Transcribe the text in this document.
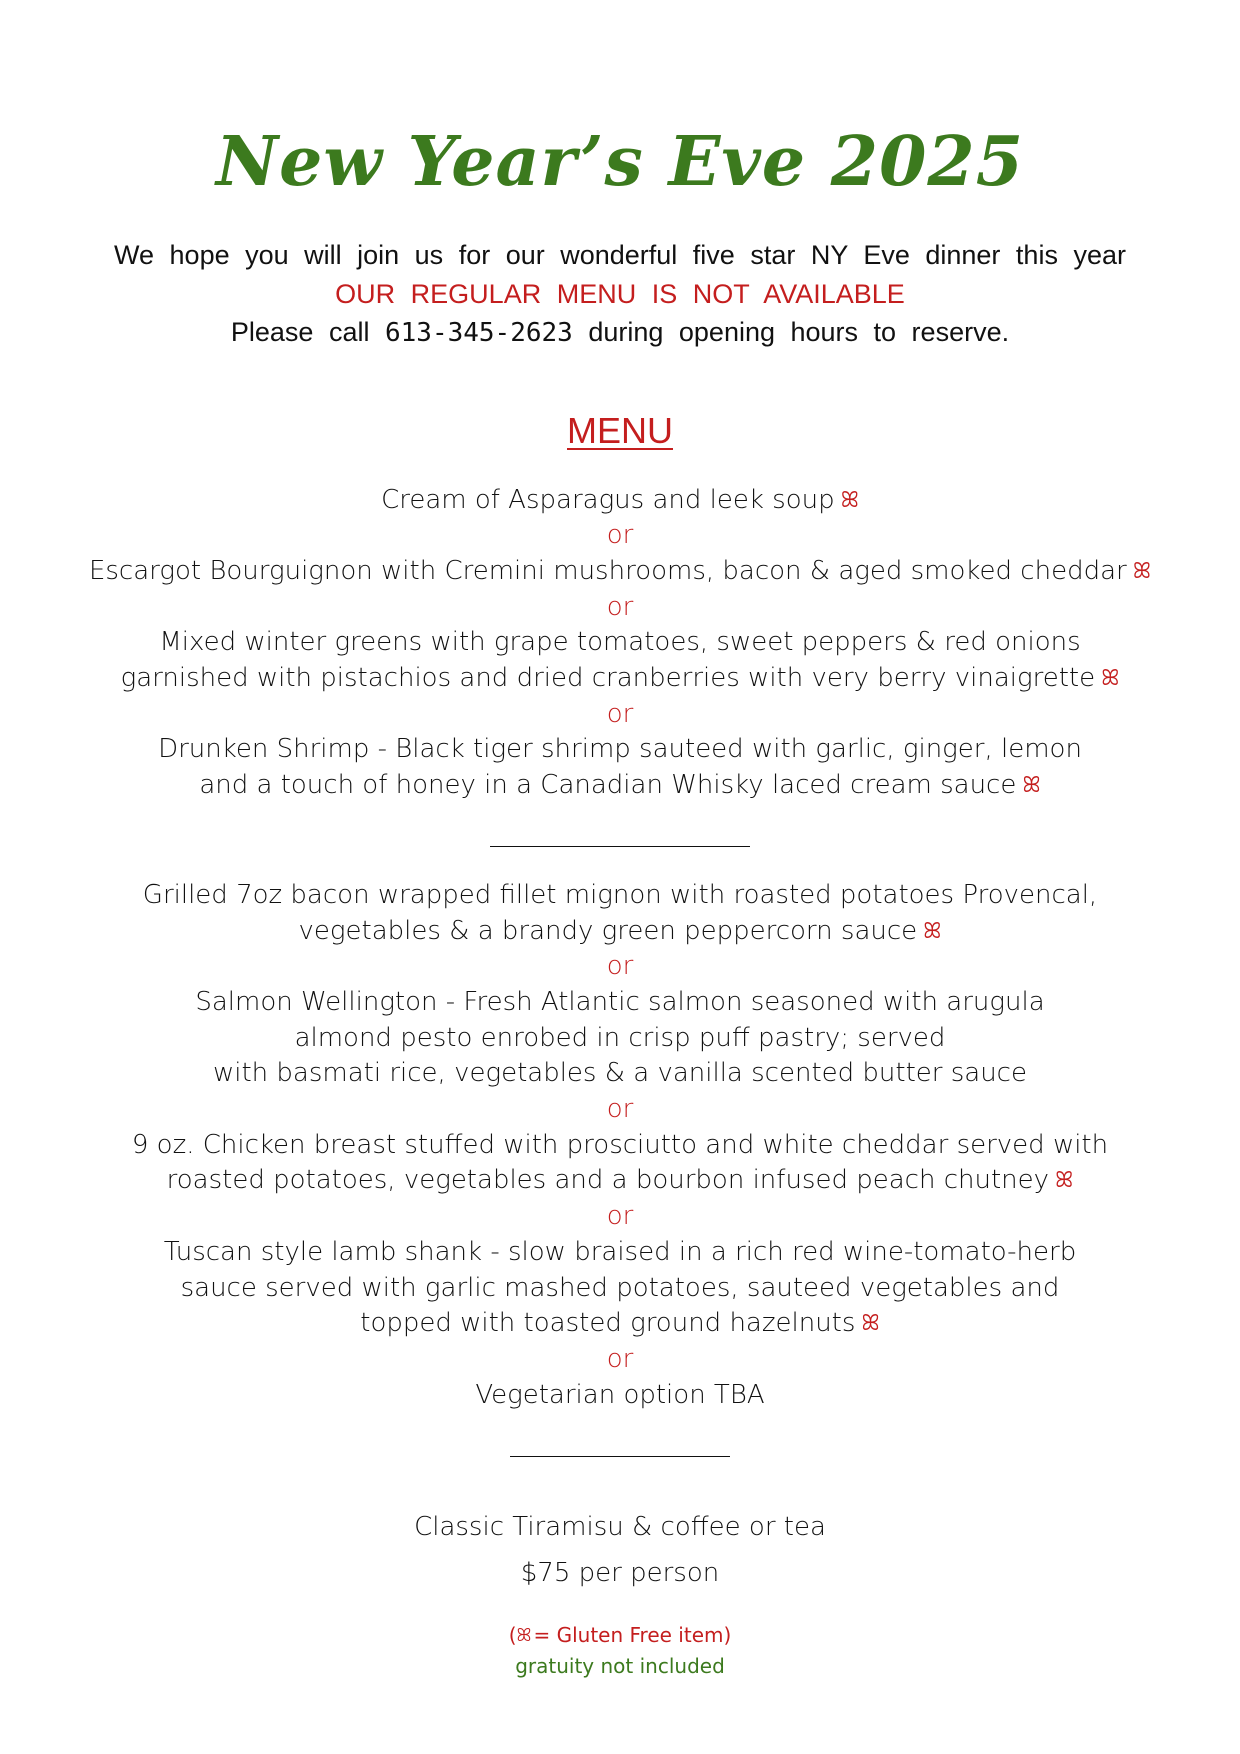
New Year’s Eve 2025
We hope you will join us for our wonderful five star NY Eve dinner this year
OUR REGULAR MENU IS NOT AVAILABLE
Please call 613-345-2623 during opening hours to reserve.
MENU
Cream of Asparagus and leek soup ꕤ
or
Escargot Bourguignon with Cremini mushrooms, bacon & aged smoked cheddar ꕤ
or
Mixed winter greens with grape tomatoes, sweet peppers & red onions
garnished with pistachios and dried cranberries with very berry vinaigrette ꕤ
or
Drunken Shrimp - Black tiger shrimp sauteed with garlic, ginger, lemon
and a touch of honey in a Canadian Whisky laced cream sauce ꕤ
Grilled 7oz bacon wrapped fillet mignon with roasted potatoes Provencal,
vegetables & a brandy green peppercorn sauce ꕤ
or
Salmon Wellington - Fresh Atlantic salmon seasoned with arugula
almond pesto enrobed in crisp puff pastry; served
with basmati rice, vegetables & a vanilla scented butter sauce
or
9 oz. Chicken breast stuffed with prosciutto and white cheddar served with
roasted potatoes, vegetables and a bourbon infused peach chutney ꕤ
or
Tuscan style lamb shank - slow braised in a rich red wine-tomato-herb
sauce served with garlic mashed potatoes, sauteed vegetables and
topped with toasted ground hazelnuts ꕤ
or
Vegetarian option TBA
Classic Tiramisu & coffee or tea
$75 per person
(ꕤ = Gluten Free item)
gratuity not included
